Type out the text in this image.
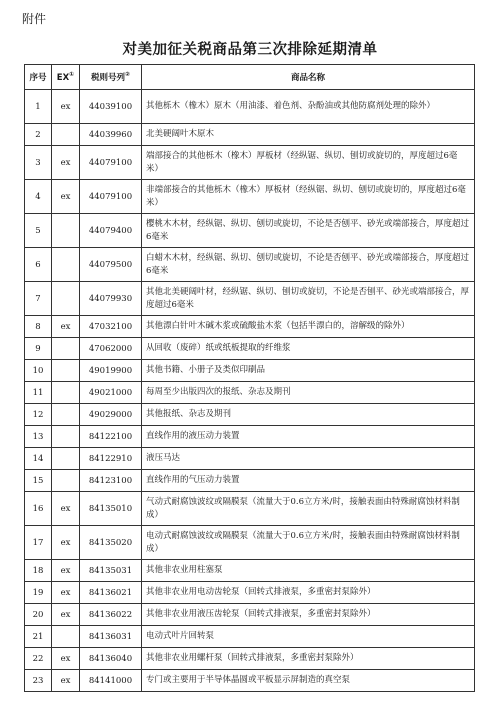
附件
对美加征关税商品第三次排除延期清单
序号	EX①	税则号列②	商品名称
1	ex	44039100	其他栎木（橡木）原木（用油漆、着色剂、杂酚油或其他防腐剂处理的除外）
2		44039960	北美硬阔叶木原木
3	ex	44079100	端部接合的其他栎木（橡木）厚板材（经纵锯、纵切、刨切或旋切的，厚度超过6毫米）
4	ex	44079100	非端部接合的其他栎木（橡木）厚板材（经纵锯、纵切、刨切或旋切的，厚度超过6毫米）
5		44079400	樱桃木木材，经纵锯、纵切、刨切或旋切，不论是否刨平、砂光或端部接合，厚度超过6毫米
6		44079500	白蜡木木材，经纵锯、纵切、刨切或旋切，不论是否刨平、砂光或端部接合，厚度超过6毫米
7		44079930	其他北美硬阔叶材，经纵锯、纵切、刨切或旋切，不论是否刨平、砂光或端部接合，厚度超过6毫米
8	ex	47032100	其他漂白针叶木碱木浆或硫酸盐木浆（包括半漂白的，溶解级的除外）
9		47062000	从回收（废碎）纸或纸板提取的纤维浆
10		49019900	其他书籍、小册子及类似印刷品
11		49021000	每周至少出版四次的报纸、杂志及期刊
12		49029000	其他报纸、杂志及期刊
13		84122100	直线作用的液压动力装置
14		84122910	液压马达
15		84123100	直线作用的气压动力装置
16	ex	84135010	气动式耐腐蚀波纹或隔膜泵（流量大于0.6立方米/时，接触表面由特殊耐腐蚀材料制成）
17	ex	84135020	电动式耐腐蚀波纹或隔膜泵（流量大于0.6立方米/时，接触表面由特殊耐腐蚀材料制成）
18	ex	84135031	其他非农业用柱塞泵
19	ex	84136021	其他非农业用电动齿轮泵（回转式排液泵，多重密封泵除外）
20	ex	84136022	其他非农业用液压齿轮泵（回转式排液泵，多重密封泵除外）
21		84136031	电动式叶片回转泵
22	ex	84136040	其他非农业用螺杆泵（回转式排液泵，多重密封泵除外）
23	ex	84141000	专门或主要用于半导体晶圆或平板显示屏制造的真空泵
